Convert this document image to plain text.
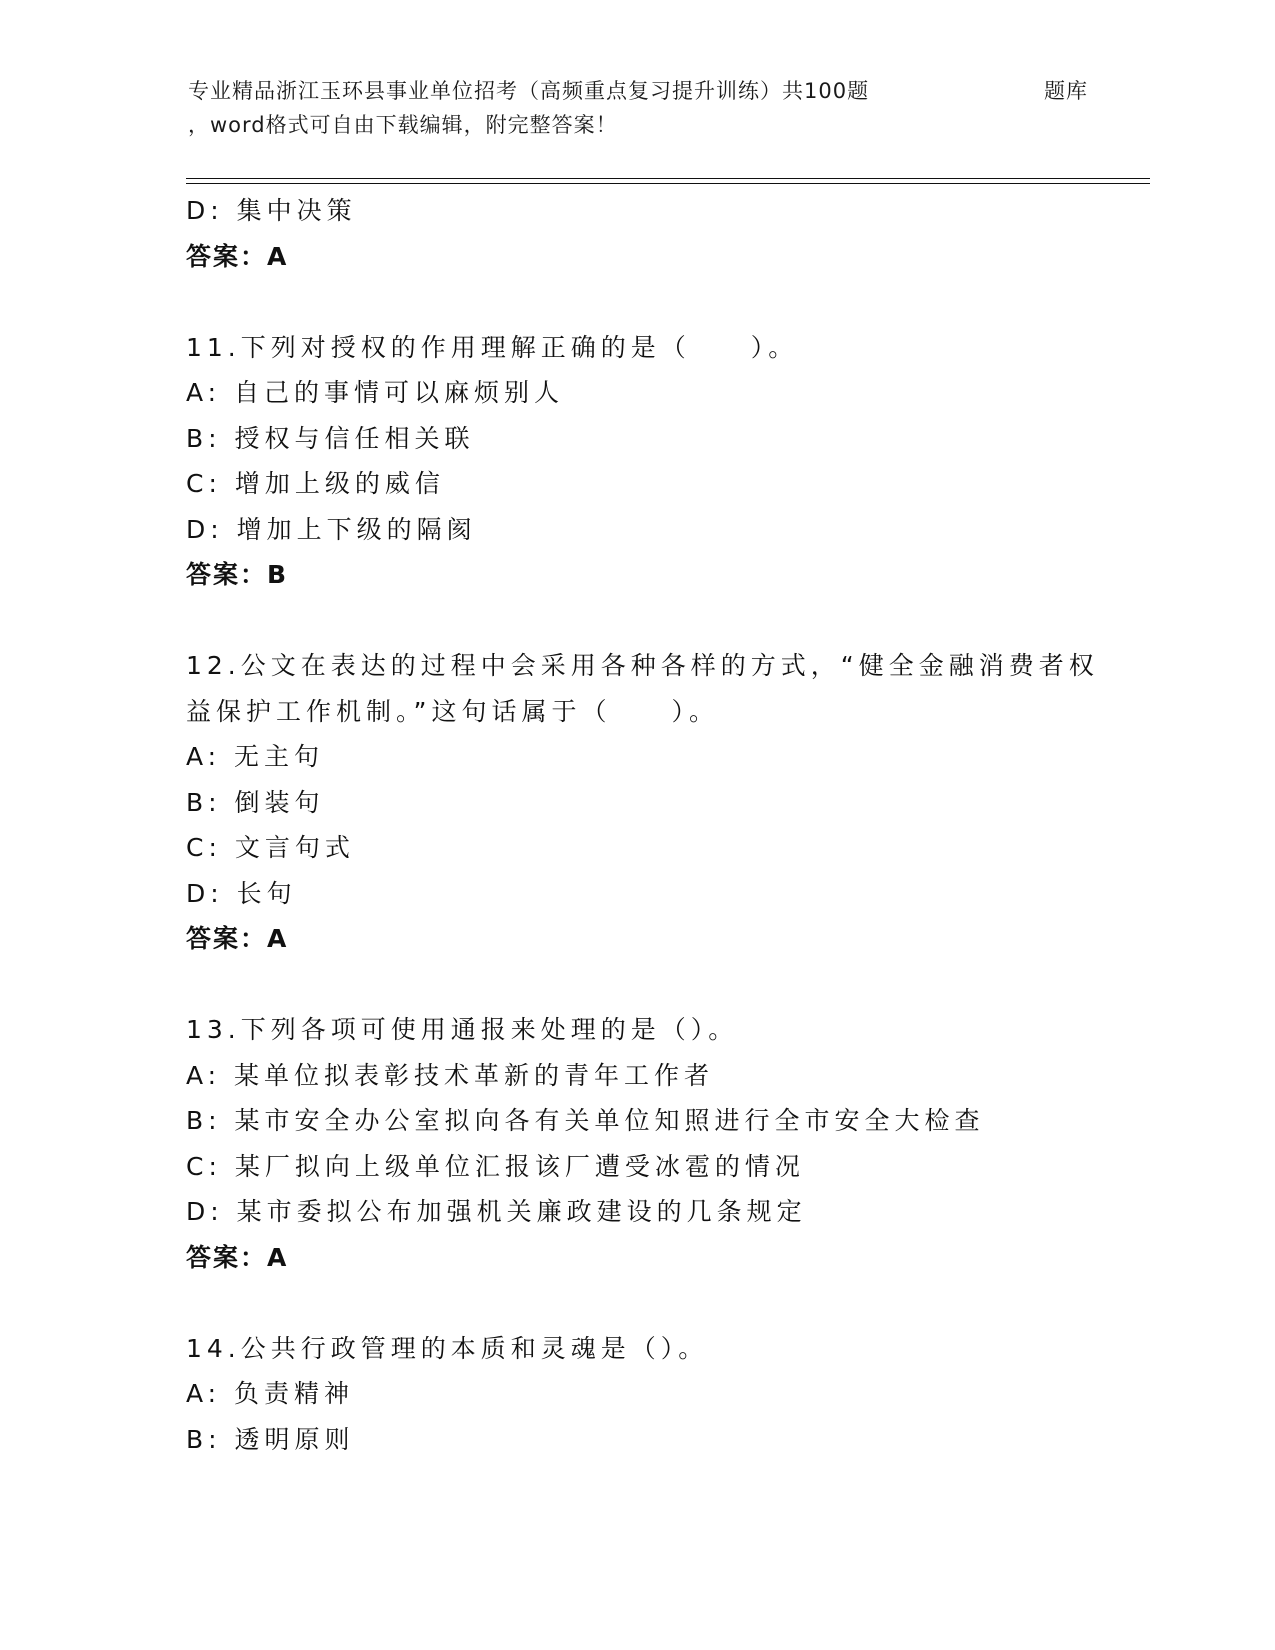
专业精品浙江玉环县事业单位招考（高频重点复习提升训练）共100题	题库
，word格式可自由下载编辑，附完整答案！
D: 集中决策
答案：A
11.下列对授权的作用理解正确的是（　　）。
A: 自己的事情可以麻烦别人
B: 授权与信任相关联
C: 增加上级的威信
D: 增加上下级的隔阂
答案：B
12.公文在表达的过程中会采用各种各样的方式，“健全金融消费者权
益保护工作机制。”这句话属于（　　）。
A: 无主句
B: 倒装句
C: 文言句式
D: 长句
答案：A
13.下列各项可使用通报来处理的是（）。
A: 某单位拟表彰技术革新的青年工作者
B: 某市安全办公室拟向各有关单位知照进行全市安全大检查
C: 某厂拟向上级单位汇报该厂遭受冰雹的情况
D: 某市委拟公布加强机关廉政建设的几条规定
答案：A
14.公共行政管理的本质和灵魂是（）。
A: 负责精神
B: 透明原则
